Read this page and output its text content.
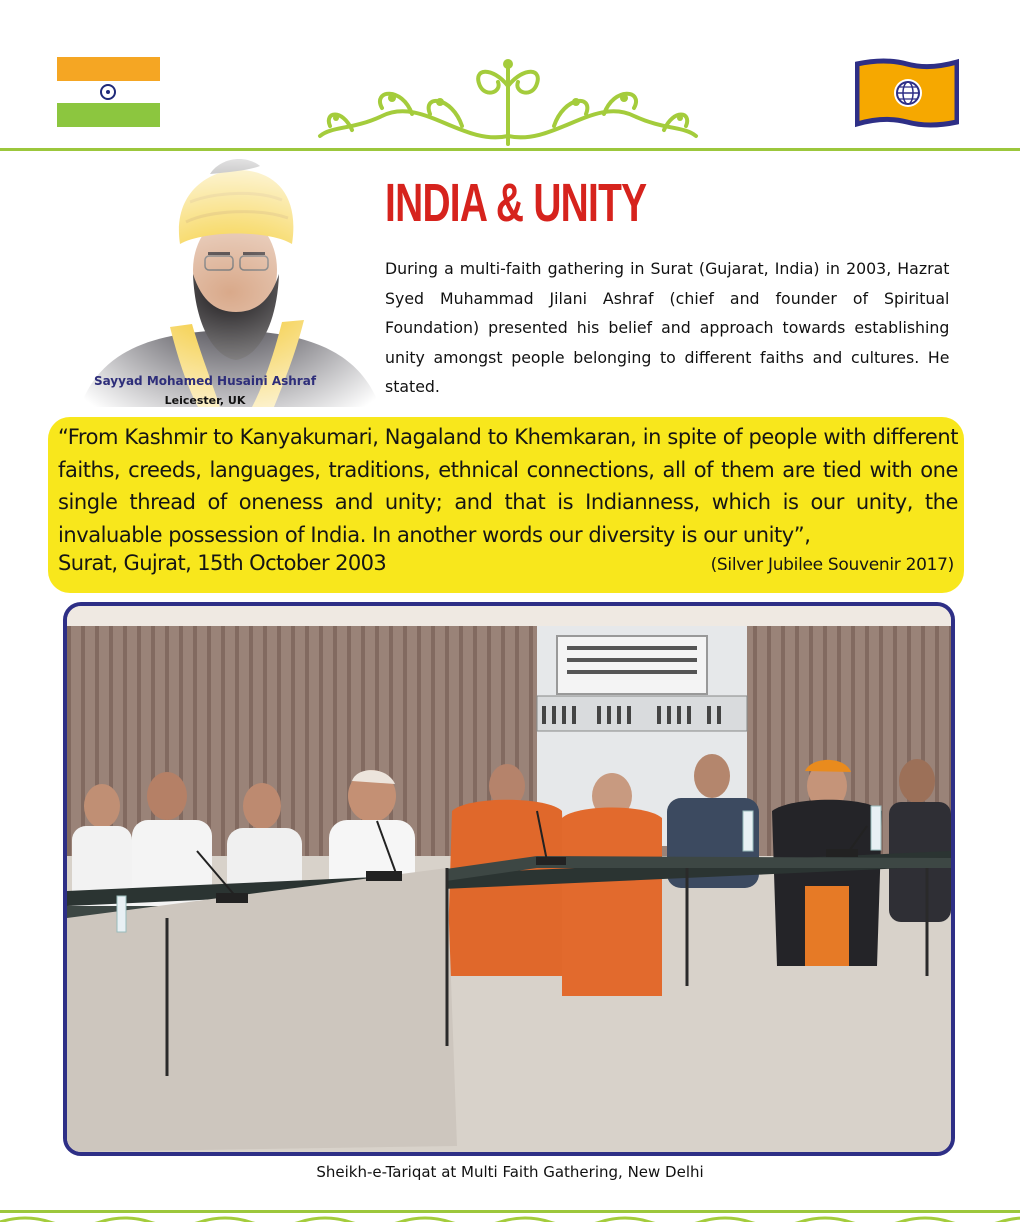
Sayyad Mohamed Husaini Ashraf
Leicester, UK
INDIA & UNITY
During a multi-faith gathering in Surat (Gujarat, India) in 2003, Hazrat Syed Muhammad Jilani Ashraf (chief and founder of Spiritual Foundation) presented his belief and approach towards establishing unity amongst people belonging to different faiths and cultures. He stated.
“From Kashmir to Kanyakumari, Nagaland to Khemkaran, in spite of people with different faiths, creeds, languages, traditions, ethnical connections, all of them are tied with one single thread of oneness and unity; and that is Indianness, which is our unity, the invaluable possession of India. In another words our diversity is our unity”,
Surat, Gujrat, 15th October 2003	(Silver Jubilee Souvenir 2017)
Sheikh-e-Tariqat at Multi Faith Gathering, New Delhi
